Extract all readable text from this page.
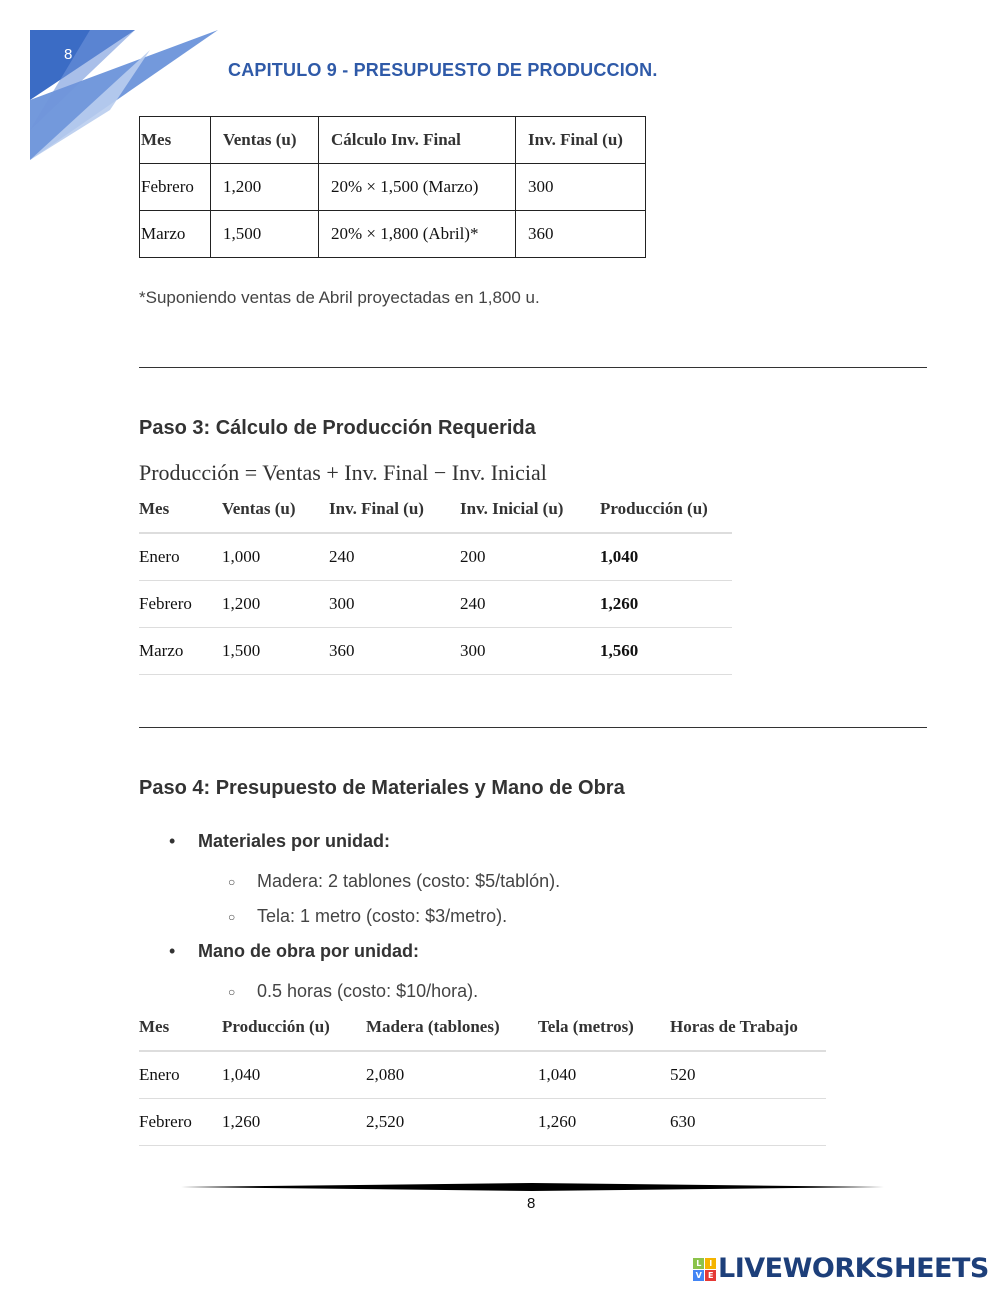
8
CAPITULO 9 - PRESUPUESTO DE PRODUCCION.
Mes	Ventas (u)	Cálculo Inv. Final	Inv. Final (u)
Febrero	1,200	20% × 1,500 (Marzo)	300
Marzo	1,500	20% × 1,800 (Abril)*	360
*Suponiendo ventas de Abril proyectadas en 1,800 u.
Paso 3: Cálculo de Producción Requerida
Producción = Ventas + Inv. Final − Inv. Inicial
Mes	Ventas (u)	Inv. Final (u)	Inv. Inicial (u)	Producción (u)
Enero	1,000	240	200	1,040
Febrero	1,200	300	240	1,260
Marzo	1,500	360	300	1,560
Paso 4: Presupuesto de Materiales y Mano de Obra
• Materiales por unidad:
○ Madera: 2 tablones (costo: $5/tablón).
○ Tela: 1 metro (costo: $3/metro).
• Mano de obra por unidad:
○ 0.5 horas (costo: $10/hora).
Mes	Producción (u)	Madera (tablones)	Tela (metros)	Horas de Trabajo
Enero	1,040	2,080	1,040	520
Febrero	1,260	2,520	1,260	630
8
L	I
V E LIVEWORKSHEETS
